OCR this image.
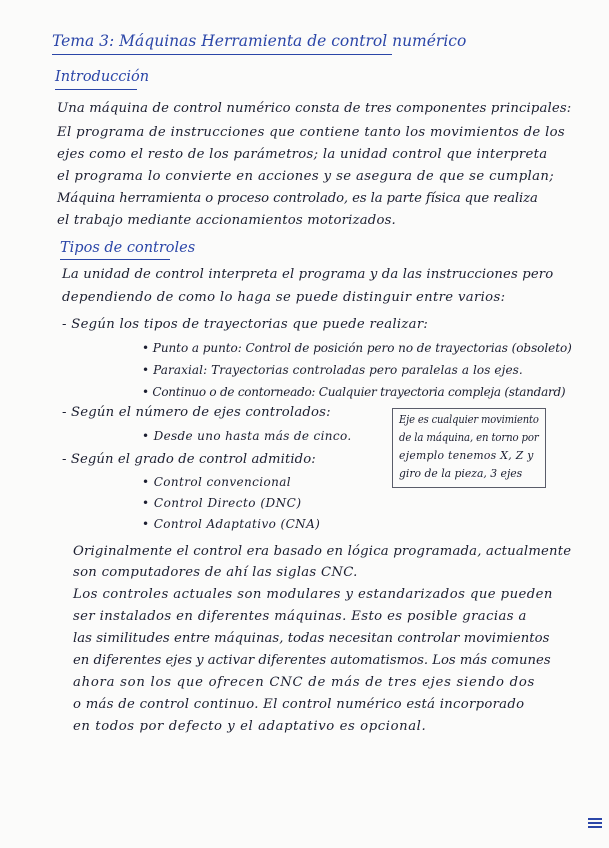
Tema 3: Máquinas Herramienta de control numérico
Introducción
Una máquina de control numérico consta de tres componentes principales:
El programa de instrucciones que contiene tanto los movimientos de los
ejes como el resto de los parámetros; la unidad control que interpreta
el programa lo convierte en acciones y se asegura de que se cumplan;
Máquina herramienta o proceso controlado, es la parte física que realiza
el trabajo mediante accionamientos motorizados.
Tipos de controles
La unidad de control interpreta el programa y da las instrucciones pero
dependiendo de como lo haga se puede distinguir entre varios:
- Según los tipos de trayectorias que puede realizar:
• Punto a punto: Control de posición pero no de trayectorias (obsoleto)
• Paraxial: Trayectorias controladas pero paralelas a los ejes.
• Continuo o de contorneado: Cualquier trayectoria compleja (standard)
- Según el número de ejes controlados:
• Desde uno hasta más de cinco.
Eje es cualquier movimiento
de la máquina, en torno por
ejemplo tenemos X, Z y
giro de la pieza, 3 ejes
- Según el grado de control admitido:
• Control convencional
• Control Directo (DNC)
• Control Adaptativo (CNA)
Originalmente el control era basado en lógica programada, actualmente
son computadores de ahí las siglas CNC.
Los controles actuales son modulares y estandarizados que pueden
ser instalados en diferentes máquinas. Esto es posible gracias a
las similitudes entre máquinas, todas necesitan controlar movimientos
en diferentes ejes y activar diferentes automatismos. Los más comunes
ahora son los que ofrecen CNC de más de tres ejes siendo dos
o más de control continuo. El control numérico está incorporado
en todos por defecto y el adaptativo es opcional.
